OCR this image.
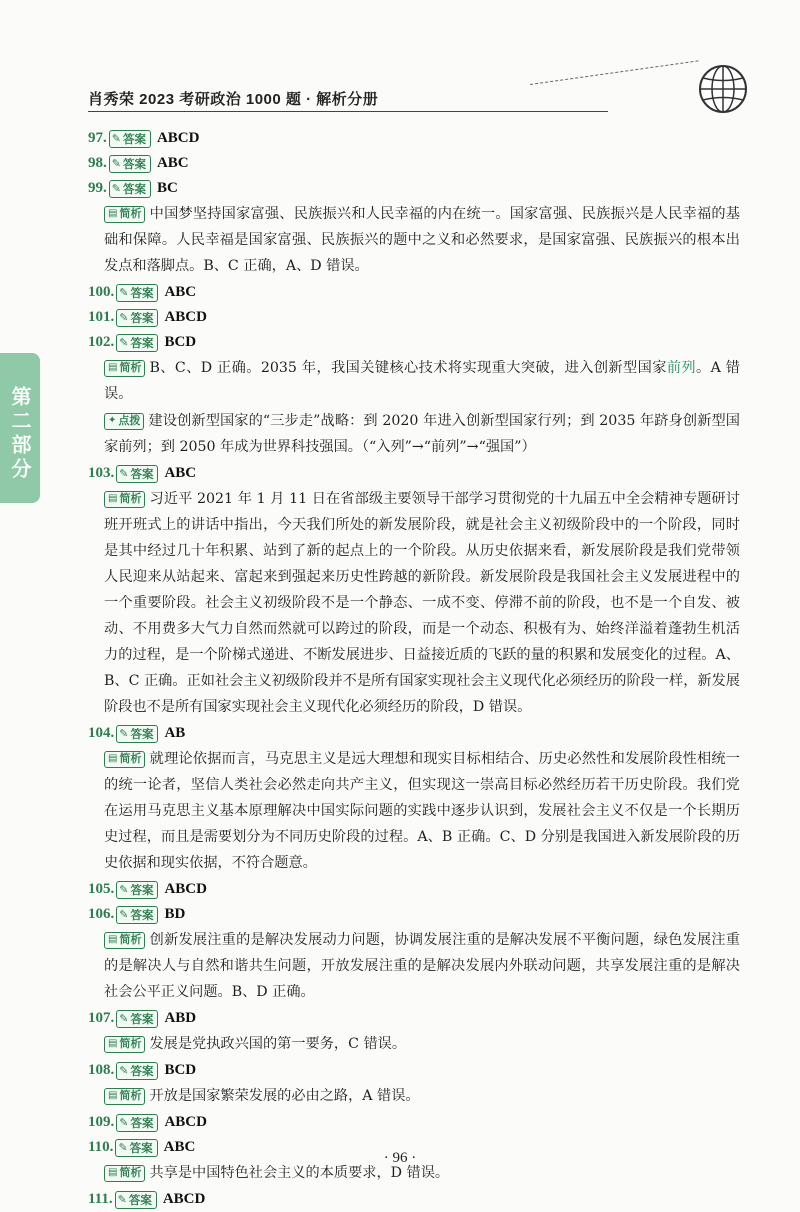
肖秀荣 2023 考研政治 1000 题 · 解析分册
第二部分
97. ✎ 答案 ABCD
98. ✎ 答案 ABC
99. ✎ 答案 BC
▤ 简析 中国梦坚持国家富强、民族振兴和人民幸福的内在统一。国家富强、民族振兴是人民幸福的基础和保障。人民幸福是国家富强、民族振兴的题中之义和必然要求，是国家富强、民族振兴的根本出发点和落脚点。B、C 正确，A、D 错误。
100. ✎ 答案 ABC
101. ✎ 答案 ABCD
102. ✎ 答案 BCD
▤ 简析 B、C、D 正确。2035 年，我国关键核心技术将实现重大突破，进入创新型国家前列。A 错误。
✦ 点拨 建设创新型国家的“三步走”战略：到 2020 年进入创新型国家行列；到 2035 年跻身创新型国家前列；到 2050 年成为世界科技强国。（“入列”→“前列”→“强国”）
103. ✎ 答案 ABC
▤ 简析 习近平 2021 年 1 月 11 日在省部级主要领导干部学习贯彻党的十九届五中全会精神专题研讨班开班式上的讲话中指出，今天我们所处的新发展阶段，就是社会主义初级阶段中的一个阶段，同时是其中经过几十年积累、站到了新的起点上的一个阶段。从历史依据来看，新发展阶段是我们党带领人民迎来从站起来、富起来到强起来历史性跨越的新阶段。新发展阶段是我国社会主义发展进程中的一个重要阶段。社会主义初级阶段不是一个静态、一成不变、停滞不前的阶段，也不是一个自发、被动、不用费多大气力自然而然就可以跨过的阶段，而是一个动态、积极有为、始终洋溢着蓬勃生机活力的过程，是一个阶梯式递进、不断发展进步、日益接近质的飞跃的量的积累和发展变化的过程。A、B、C 正确。正如社会主义初级阶段并不是所有国家实现社会主义现代化必须经历的阶段一样，新发展阶段也不是所有国家实现社会主义现代化必须经历的阶段，D 错误。
104. ✎ 答案 AB
▤ 简析 就理论依据而言，马克思主义是远大理想和现实目标相结合、历史必然性和发展阶段性相统一的统一论者，坚信人类社会必然走向共产主义，但实现这一崇高目标必然经历若干历史阶段。我们党在运用马克思主义基本原理解决中国实际问题的实践中逐步认识到，发展社会主义不仅是一个长期历史过程，而且是需要划分为不同历史阶段的过程。A、B 正确。C、D 分别是我国进入新发展阶段的历史依据和现实依据，不符合题意。
105. ✎ 答案 ABCD
106. ✎ 答案 BD
▤ 简析 创新发展注重的是解决发展动力问题，协调发展注重的是解决发展不平衡问题，绿色发展注重的是解决人与自然和谐共生问题，开放发展注重的是解决发展内外联动问题，共享发展注重的是解决社会公平正义问题。B、D 正确。
107. ✎ 答案 ABD
▤ 简析 发展是党执政兴国的第一要务，C 错误。
108. ✎ 答案 BCD
▤ 简析 开放是国家繁荣发展的必由之路，A 错误。
109. ✎ 答案 ABCD
110. ✎ 答案 ABC
▤ 简析 共享是中国特色社会主义的本质要求，D 错误。
111. ✎ 答案 ABCD
· 96 ·
